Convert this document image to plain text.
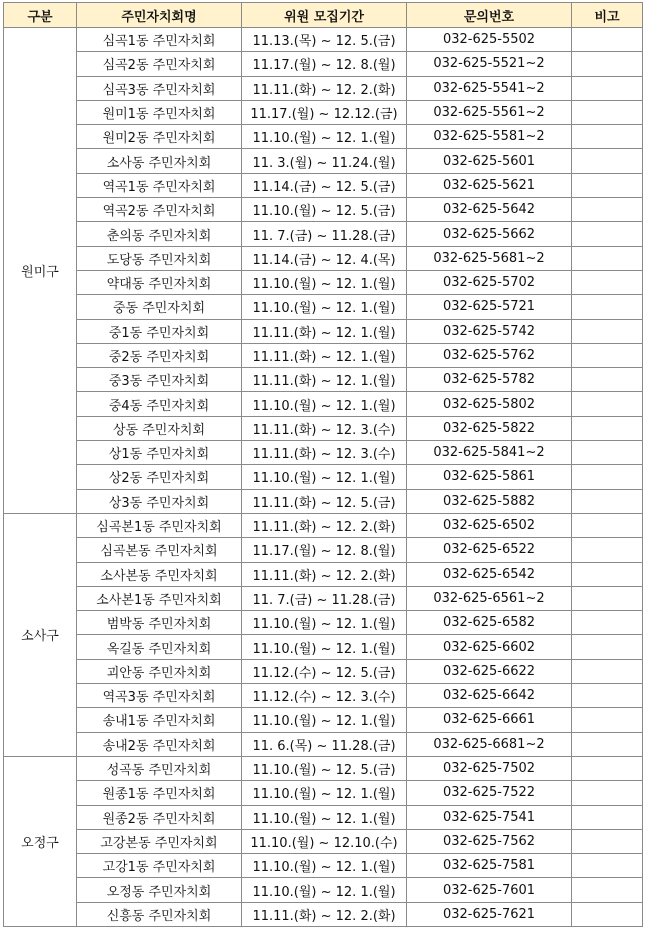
구분	주민자치회명	위원 모집기간	문의번호	비고
원미구	심곡1동 주민자치회	11.13.(목) ~ 12. 5.(금)	032-625-5502	
	심곡2동 주민자치회	11.17.(월) ~ 12. 8.(월)	032-625-5521~2	
	심곡3동 주민자치회	11.11.(화) ~ 12. 2.(화)	032-625-5541~2	
	원미1동 주민자치회	11.17.(월) ~ 12.12.(금)	032-625-5561~2	
	원미2동 주민자치회	11.10.(월) ~ 12. 1.(월)	032-625-5581~2	
	소사동 주민자치회	11. 3.(월) ~ 11.24.(월)	032-625-5601	
	역곡1동 주민자치회	11.14.(금) ~ 12. 5.(금)	032-625-5621	
	역곡2동 주민자치회	11.10.(월) ~ 12. 5.(금)	032-625-5642	
	춘의동 주민자치회	11. 7.(금) ~ 11.28.(금)	032-625-5662	
	도당동 주민자치회	11.14.(금) ~ 12. 4.(목)	032-625-5681~2	
	약대동 주민자치회	11.10.(월) ~ 12. 1.(월)	032-625-5702	
	중동 주민자치회	11.10.(월) ~ 12. 1.(월)	032-625-5721	
	중1동 주민자치회	11.11.(화) ~ 12. 1.(월)	032-625-5742	
	중2동 주민자치회	11.11.(화) ~ 12. 1.(월)	032-625-5762	
	중3동 주민자치회	11.11.(화) ~ 12. 1.(월)	032-625-5782	
	중4동 주민자치회	11.10.(월) ~ 12. 1.(월)	032-625-5802	
	상동 주민자치회	11.11.(화) ~ 12. 3.(수)	032-625-5822	
	상1동 주민자치회	11.11.(화) ~ 12. 3.(수)	032-625-5841~2	
	상2동 주민자치회	11.10.(월) ~ 12. 1.(월)	032-625-5861	
	상3동 주민자치회	11.11.(화) ~ 12. 5.(금)	032-625-5882	
소사구	심곡본1동 주민자치회	11.11.(화) ~ 12. 2.(화)	032-625-6502	
	심곡본동 주민자치회	11.17.(월) ~ 12. 8.(월)	032-625-6522	
	소사본동 주민자치회	11.11.(화) ~ 12. 2.(화)	032-625-6542	
	소사본1동 주민자치회	11. 7.(금) ~ 11.28.(금)	032-625-6561~2	
	범박동 주민자치회	11.10.(월) ~ 12. 1.(월)	032-625-6582	
	옥길동 주민자치회	11.10.(월) ~ 12. 1.(월)	032-625-6602	
	괴안동 주민자치회	11.12.(수) ~ 12. 5.(금)	032-625-6622	
	역곡3동 주민자치회	11.12.(수) ~ 12. 3.(수)	032-625-6642	
	송내1동 주민자치회	11.10.(월) ~ 12. 1.(월)	032-625-6661	
	송내2동 주민자치회	11. 6.(목) ~ 11.28.(금)	032-625-6681~2	
오정구	성곡동 주민자치회	11.10.(월) ~ 12. 5.(금)	032-625-7502	
	원종1동 주민자치회	11.10.(월) ~ 12. 1.(월)	032-625-7522	
	원종2동 주민자치회	11.10.(월) ~ 12. 1.(월)	032-625-7541	
	고강본동 주민자치회	11.10.(월) ~ 12.10.(수)	032-625-7562	
	고강1동 주민자치회	11.10.(월) ~ 12. 1.(월)	032-625-7581	
	오정동 주민자치회	11.10.(월) ~ 12. 1.(월)	032-625-7601	
	신흥동 주민자치회	11.11.(화) ~ 12. 2.(화)	032-625-7621	
